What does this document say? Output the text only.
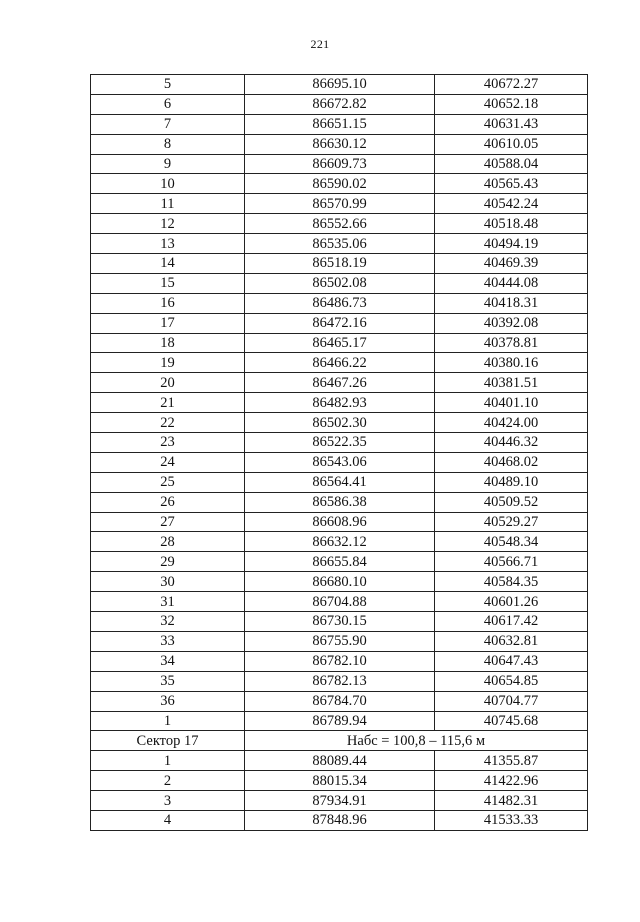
221
5	86695.10	40672.27
6	86672.82	40652.18
7	86651.15	40631.43
8	86630.12	40610.05
9	86609.73	40588.04
10	86590.02	40565.43
11	86570.99	40542.24
12	86552.66	40518.48
13	86535.06	40494.19
14	86518.19	40469.39
15	86502.08	40444.08
16	86486.73	40418.31
17	86472.16	40392.08
18	86465.17	40378.81
19	86466.22	40380.16
20	86467.26	40381.51
21	86482.93	40401.10
22	86502.30	40424.00
23	86522.35	40446.32
24	86543.06	40468.02
25	86564.41	40489.10
26	86586.38	40509.52
27	86608.96	40529.27
28	86632.12	40548.34
29	86655.84	40566.71
30	86680.10	40584.35
31	86704.88	40601.26
32	86730.15	40617.42
33	86755.90	40632.81
34	86782.10	40647.43
35	86782.13	40654.85
36	86784.70	40704.77
1	86789.94	40745.68
Сектор 17	Набс = 100,8 – 115,6 м	
1	88089.44	41355.87
2	88015.34	41422.96
3	87934.91	41482.31
4	87848.96	41533.33
